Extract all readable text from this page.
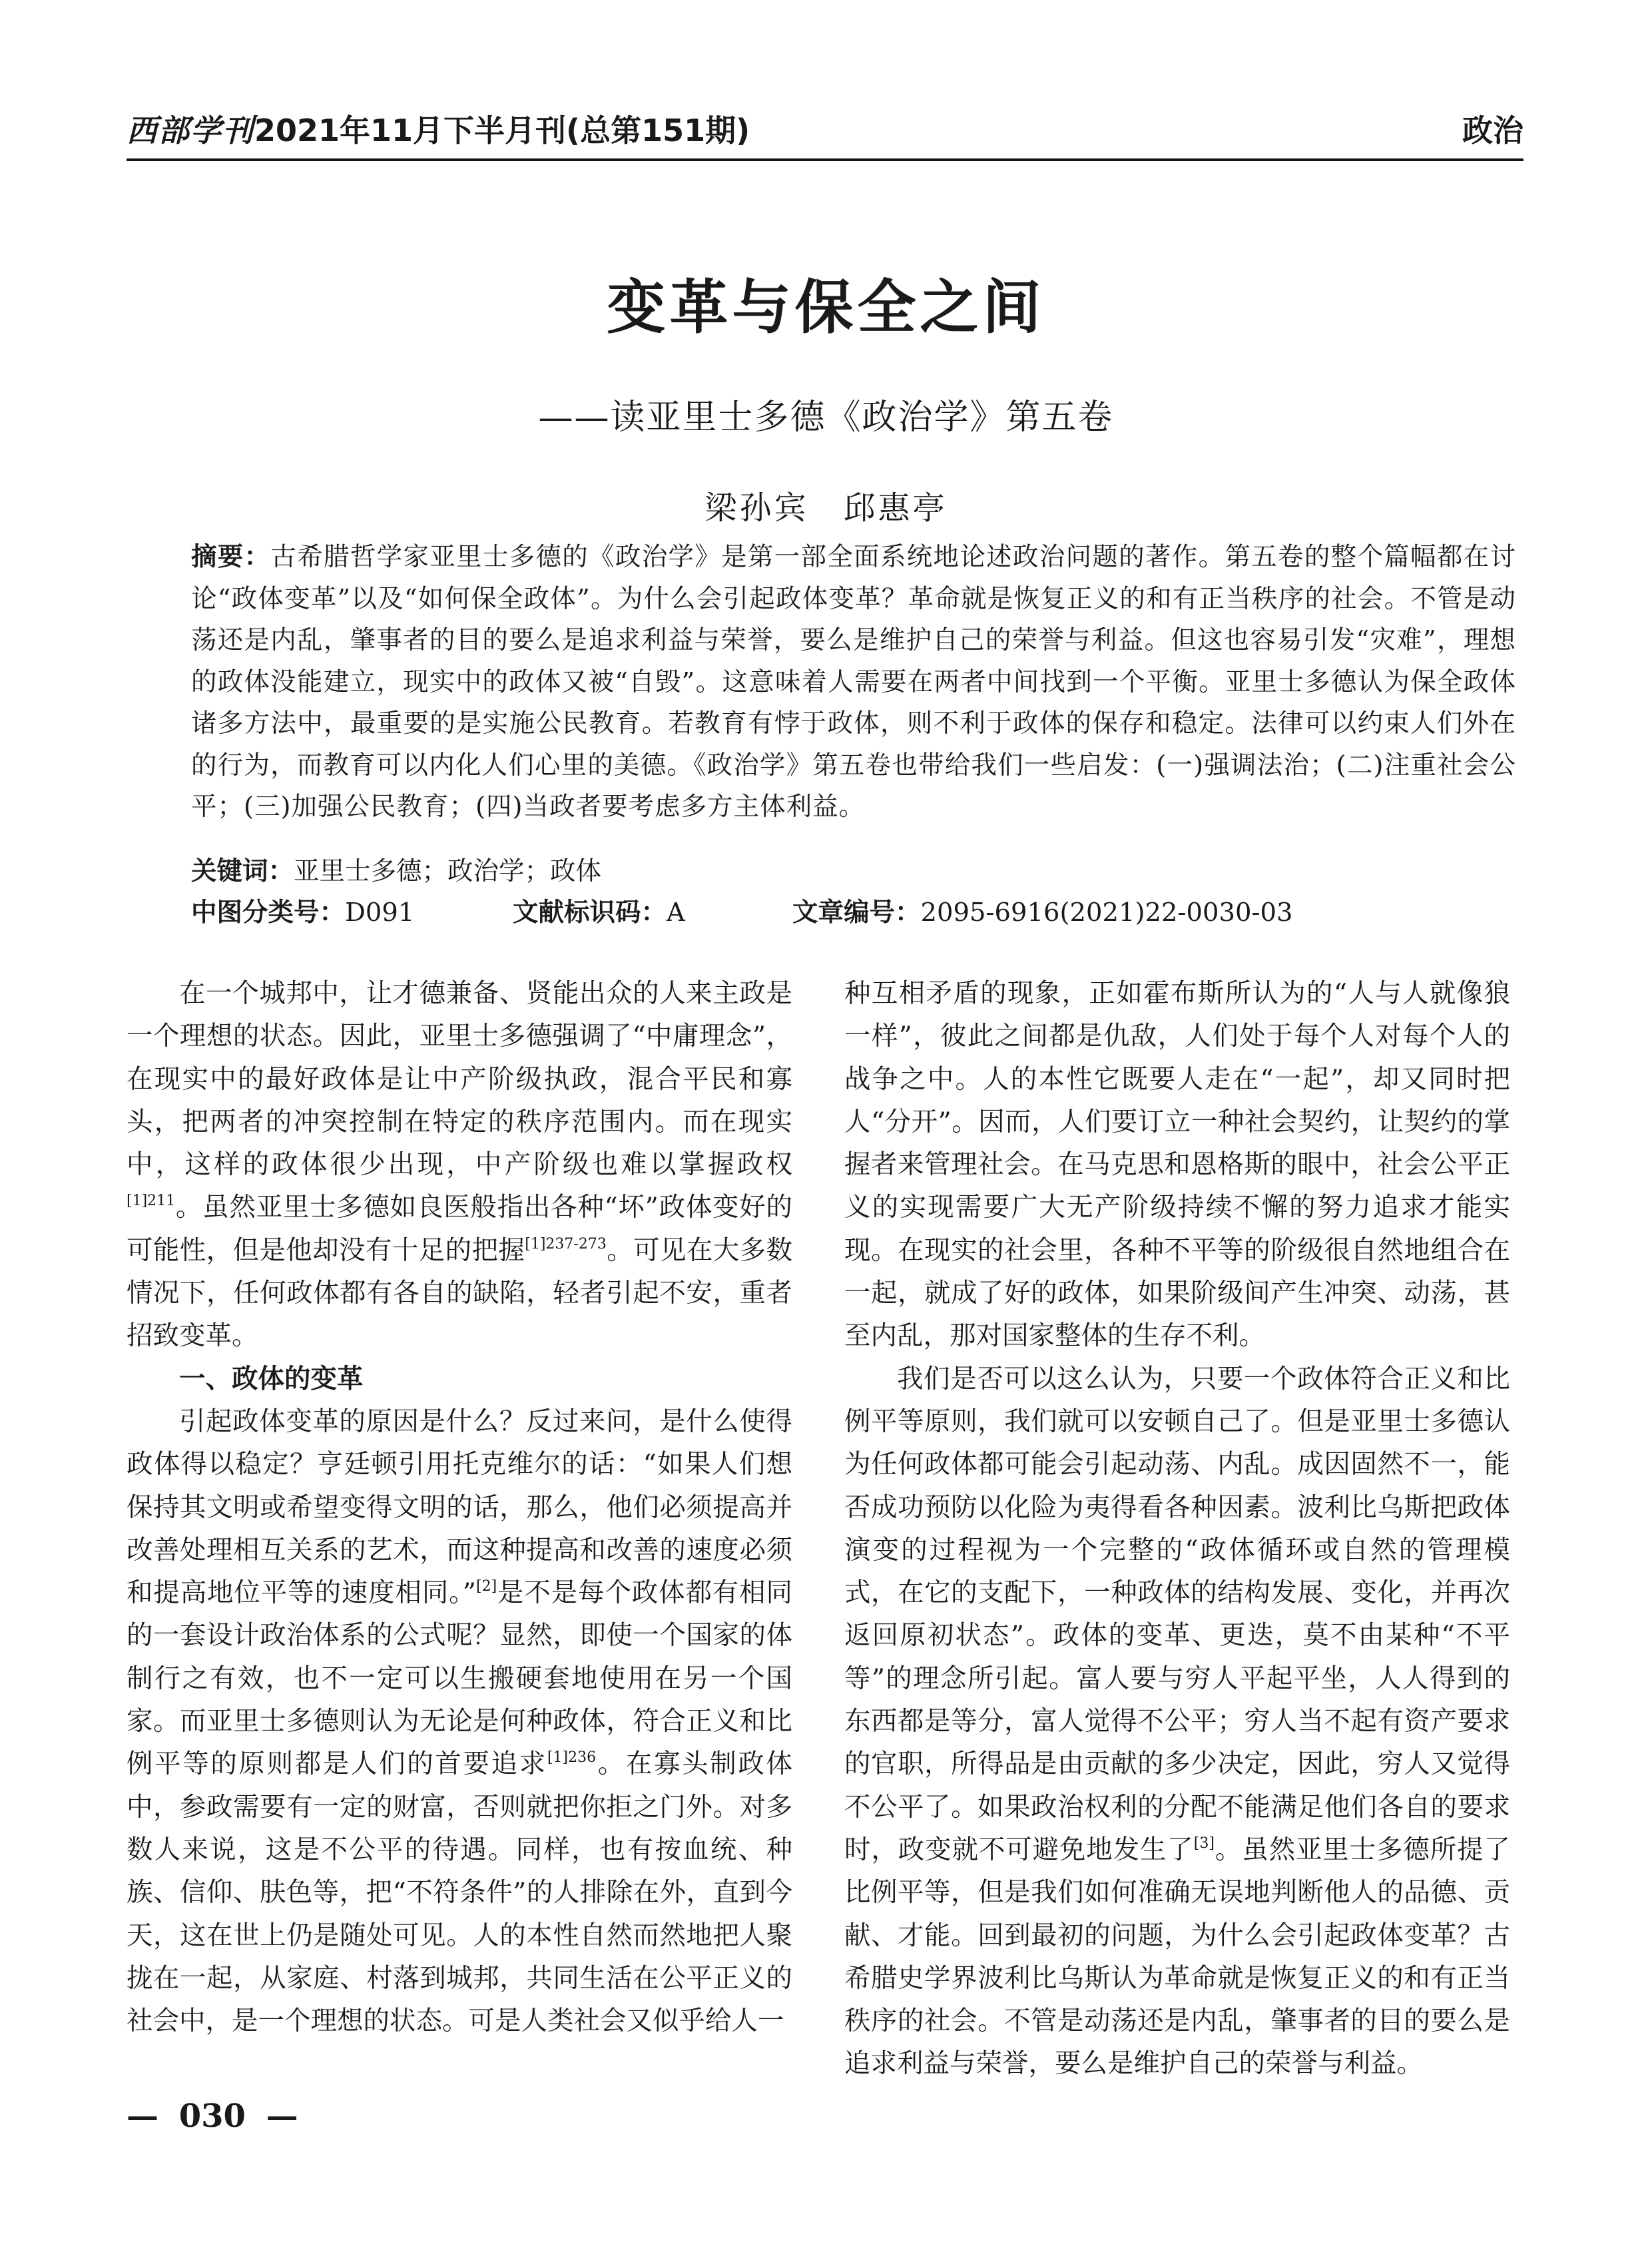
西部学刊2021年11月下半月刊(总第151期)	政治
变革与保全之间
——读亚里士多德《政治学》第五卷
梁孙宾　邱惠亭
摘要：古希腊哲学家亚里士多德的《政治学》是第一部全面系统地论述政治问题的著作。第五卷的整个篇幅都在讨论“政体变革”以及“如何保全政体”。为什么会引起政体变革？革命就是恢复正义的和有正当秩序的社会。不管是动荡还是内乱，肇事者的目的要么是追求利益与荣誉，要么是维护自己的荣誉与利益。但这也容易引发“灾难”，理想的政体没能建立，现实中的政体又被“自毁”。这意味着人需要在两者中间找到一个平衡。亚里士多德认为保全政体诸多方法中，最重要的是实施公民教育。若教育有悖于政体，则不利于政体的保存和稳定。法律可以约束人们外在的行为，而教育可以内化人们心里的美德。《政治学》第五卷也带给我们一些启发：(一)强调法治；(二)注重社会公平；(三)加强公民教育；(四)当政者要考虑多方主体利益。
关键词：亚里士多德；政治学；政体
中图分类号：D091	文献标识码：A	文章编号：2095-6916(2021)22-0030-03

在一个城邦中，让才德兼备、贤能出众的人来主政是一个理想的状态。因此，亚里士多德强调了“中庸理念”，在现实中的最好政体是让中产阶级执政，混合平民和寡头，把两者的冲突控制在特定的秩序范围内。而在现实中，这样的政体很少出现，中产阶级也难以掌握政权$^{[1]211}$。虽然亚里士多德如良医般指出各种“坏”政体变好的可能性，但是他却没有十足的把握$^{[1]237-273}$。可见在大多数情况下，任何政体都有各自的缺陷，轻者引起不安，重者招致变革。

一、政体的变革

引起政体变革的原因是什么？反过来问，是什么使得政体得以稳定？亨廷顿引用托克维尔的话：“如果人们想保持其文明或希望变得文明的话，那么，他们必须提高并改善处理相互关系的艺术，而这种提高和改善的速度必须和提高地位平等的速度相同。”[2]是不是每个政体都有相同的一套设计政治体系的公式呢？显然，即使一个国家的体制行之有效，也不一定可以生搬硬套地使用在另一个国家。而亚里士多德则认为无论是何种政体，符合正义和比例平等的原则都是人们的首要追求$^{[1]236}$。在寡头制政体中，参政需要有一定的财富，否则就把你拒之门外。对多数人来说，这是不公平的待遇。同样，也有按血统、种族、信仰、肤色等，把“不符条件”的人排除在外，直到今天，这在世上仍是随处可见。人的本性自然而然地把人聚拢在一起，从家庭、村落到城邦，共同生活在公平正义的社会中，是一个理想的状态。可是人类社会又似乎给人一

种互相矛盾的现象，正如霍布斯所认为的“人与人就像狼一样”，彼此之间都是仇敌，人们处于每个人对每个人的战争之中。人的本性它既要人走在“一起”，却又同时把人“分开”。因而，人们要订立一种社会契约，让契约的掌握者来管理社会。在马克思和恩格斯的眼中，社会公平正义的实现需要广大无产阶级持续不懈的努力追求才能实现。在现实的社会里，各种不平等的阶级很自然地组合在一起，就成了好的政体，如果阶级间产生冲突、动荡，甚至内乱，那对国家整体的生存不利。

我们是否可以这么认为，只要一个政体符合正义和比例平等原则，我们就可以安顿自己了。但是亚里士多德认为任何政体都可能会引起动荡、内乱。成因固然不一，能否成功预防以化险为夷得看各种因素。波利比乌斯把政体演变的过程视为一个完整的“政体循环或自然的管理模式，在它的支配下，一种政体的结构发展、变化，并再次返回原初状态”。政体的变革、更迭，莫不由某种“不平等”的理念所引起。富人要与穷人平起平坐，人人得到的东西都是等分，富人觉得不公平；穷人当不起有资产要求的官职，所得品是由贡献的多少决定，因此，穷人又觉得不公平了。如果政治权利的分配不能满足他们各自的要求时，政变就不可避免地发生了[3]。虽然亚里士多德所提了比例平等，但是我们如何准确无误地判断他人的品德、贡献、才能。回到最初的问题，为什么会引起政体变革？古希腊史学界波利比乌斯认为革命就是恢复正义的和有正当秩序的社会。不管是动荡还是内乱，肇事者的目的要么是追求利益与荣誉，要么是维护自己的荣誉与利益。

— 030 —
